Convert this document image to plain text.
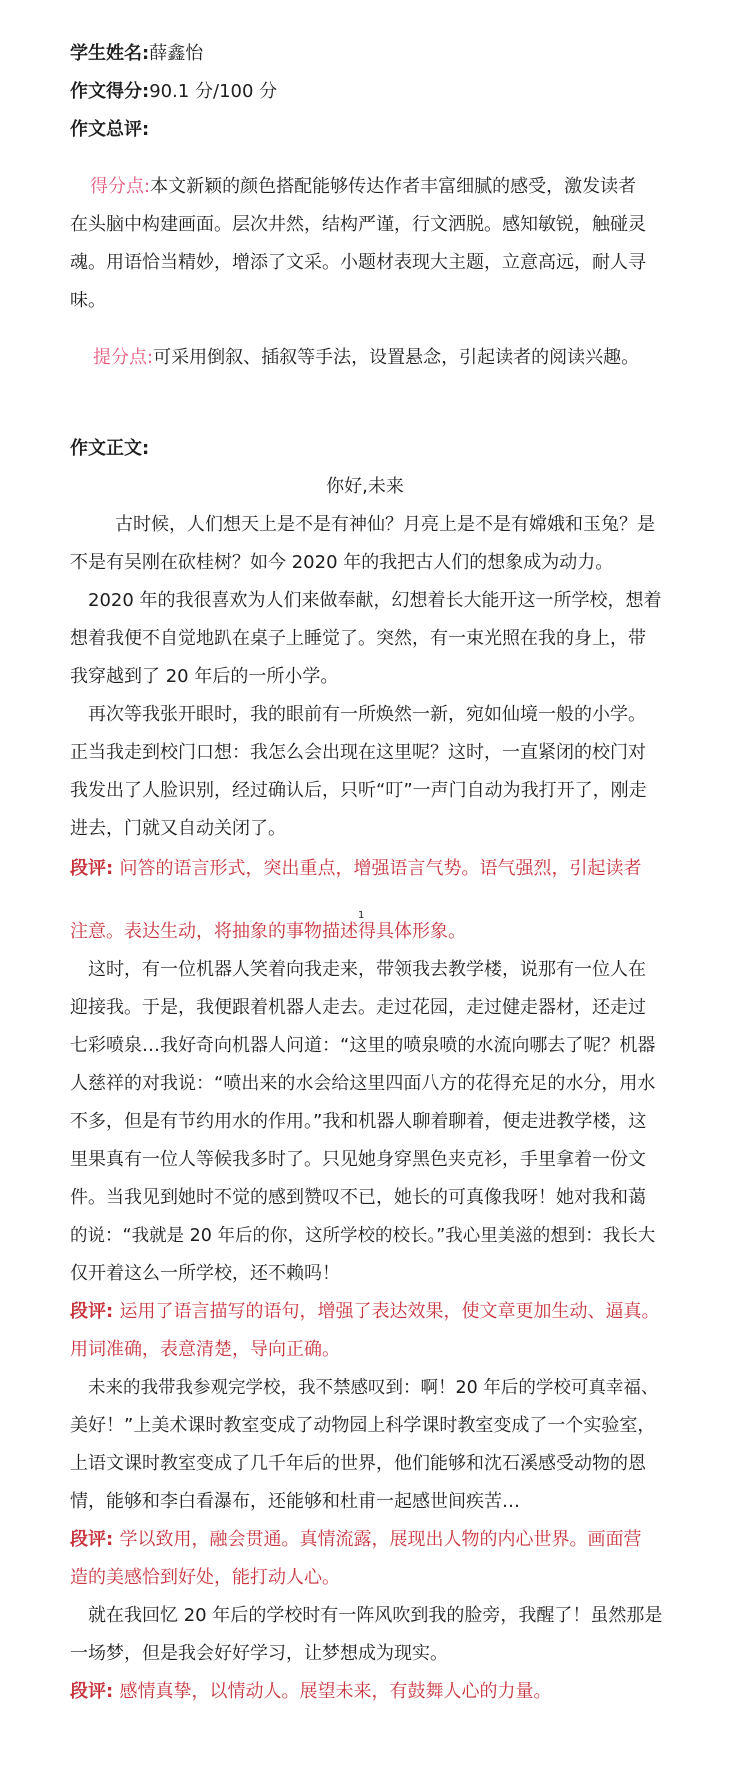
学生姓名:薛鑫怡
作文得分:90.1 分/100 分
作文总评:
得分点:本文新颖的颜色搭配能够传达作者丰富细腻的感受，激发读者
在头脑中构建画面。层次井然，结构严谨，行文洒脱。感知敏锐，触碰灵
魂。用语恰当精妙，增添了文采。小题材表现大主题，立意高远，耐人寻
味。
提分点:可采用倒叙、插叙等手法，设置悬念，引起读者的阅读兴趣。
作文正文:
你好,未来
古时候，人们想天上是不是有神仙？月亮上是不是有嫦娥和玉兔？是
不是有吴刚在砍桂树？如今 2020 年的我把古人们的想象成为动力。
2020 年的我很喜欢为人们来做奉献，幻想着长大能开这一所学校，想着
想着我便不自觉地趴在桌子上睡觉了。突然，有一束光照在我的身上，带
我穿越到了 20 年后的一所小学。
再次等我张开眼时，我的眼前有一所焕然一新，宛如仙境一般的小学。
正当我走到校门口想：我怎么会出现在这里呢？这时，一直紧闭的校门对
我发出了人脸识别，经过确认后，只听“叮”一声门自动为我打开了，刚走
进去，门就又自动关闭了。
段评: 问答的语言形式，突出重点，增强语言气势。语气强烈，引起读者
1
注意。表达生动，将抽象的事物描述得具体形象。
这时，有一位机器人笑着向我走来，带领我去教学楼，说那有一位人在
迎接我。于是，我便跟着机器人走去。走过花园，走过健走器材，还走过
七彩喷泉…我好奇向机器人问道：“这里的喷泉喷的水流向哪去了呢？机器
人慈祥的对我说：“喷出来的水会给这里四面八方的花得充足的水分，用水
不多，但是有节约用水的作用。”我和机器人聊着聊着，便走进教学楼，这
里果真有一位人等候我多时了。只见她身穿黑色夹克衫，手里拿着一份文
件。当我见到她时不觉的感到赞叹不已，她长的可真像我呀！她对我和蔼
的说：“我就是 20 年后的你，这所学校的校长。”我心里美滋的想到：我长大
仅开着这么一所学校，还不赖吗！
段评: 运用了语言描写的语句，增强了表达效果，使文章更加生动、逼真。
用词准确，表意清楚，导向正确。
未来的我带我参观完学校，我不禁感叹到：啊！20 年后的学校可真幸福、
美好！”上美术课时教室变成了动物园上科学课时教室变成了一个实验室，
上语文课时教室变成了几千年后的世界，他们能够和沈石溪感受动物的恩
情，能够和李白看瀑布，还能够和杜甫一起感世间疾苦…
段评: 学以致用，融会贯通。真情流露，展现出人物的内心世界。画面营
造的美感恰到好处，能打动人心。
就在我回忆 20 年后的学校时有一阵风吹到我的脸旁，我醒了！虽然那是
一场梦，但是我会好好学习，让梦想成为现实。
段评: 感情真挚，以情动人。展望未来，有鼓舞人心的力量。
